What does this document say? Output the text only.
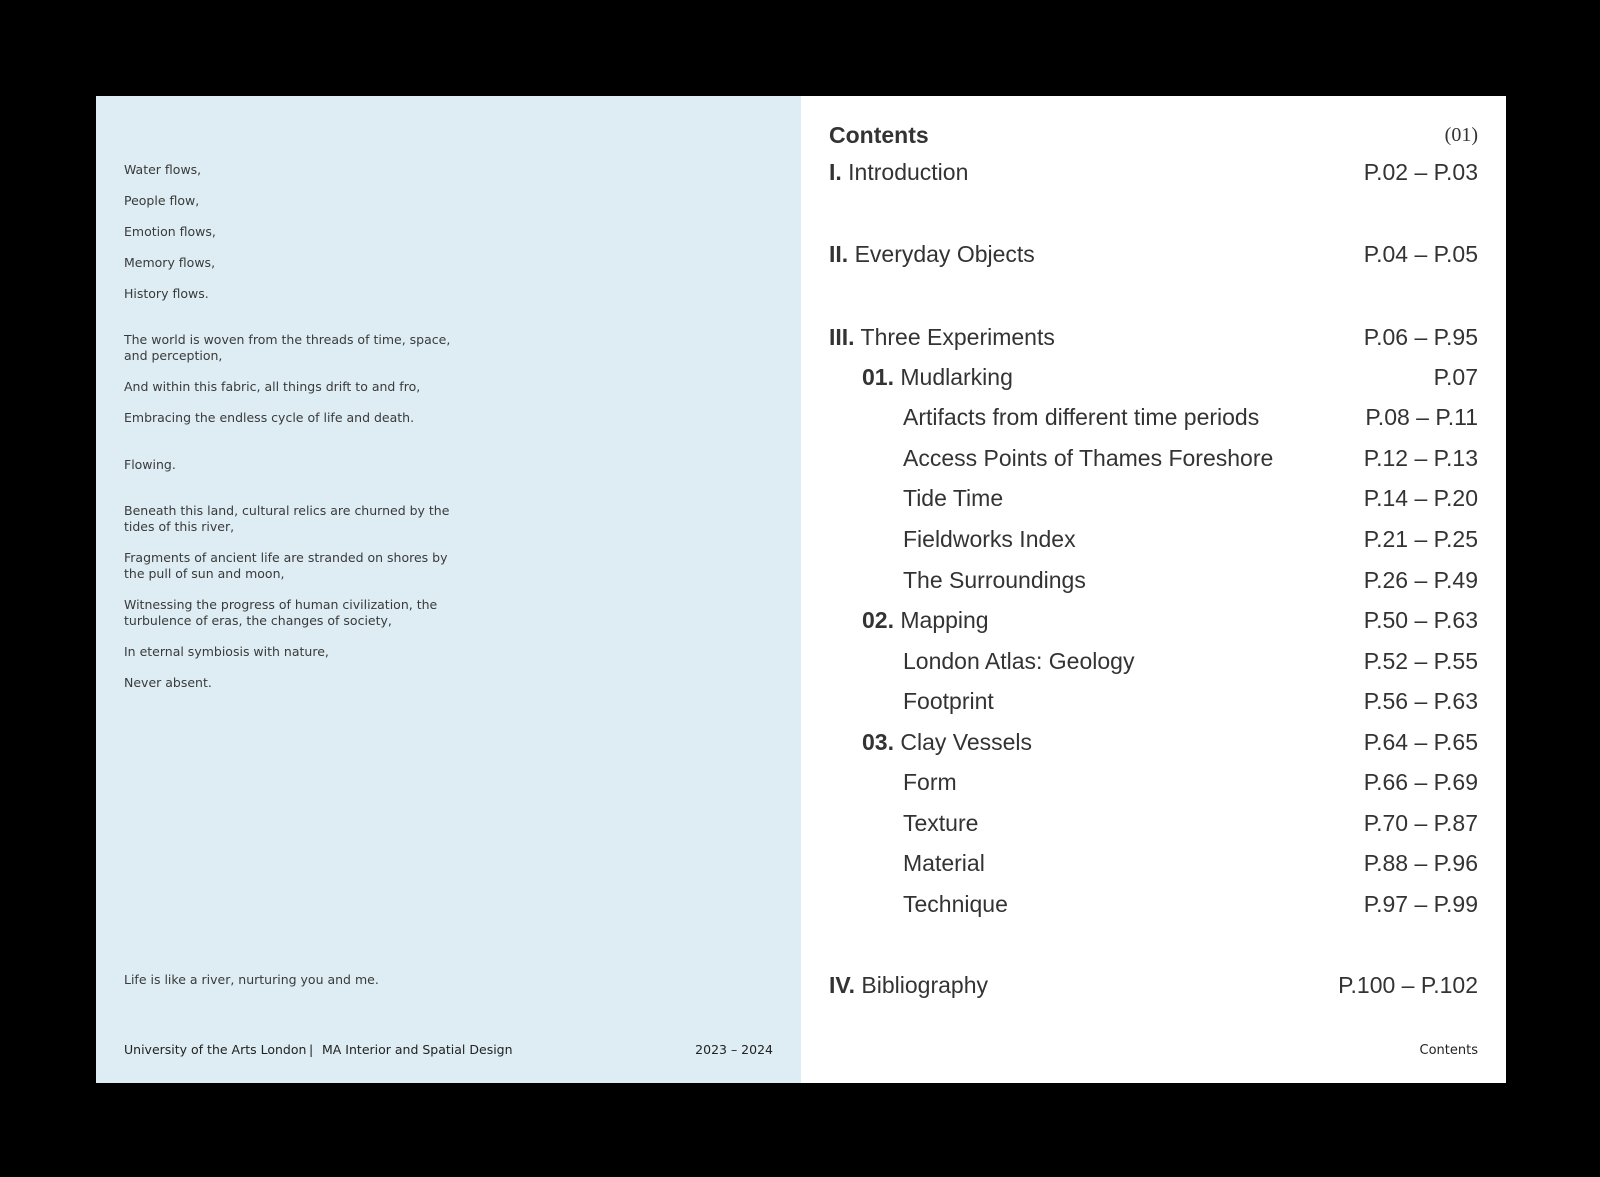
Water flows,
People flow,
Emotion flows,
Memory flows,
History flows.
The world is woven from the threads of time, space, and perception,
And within this fabric, all things drift to and fro,
Embracing the endless cycle of life and death.
Flowing.
Beneath this land, cultural relics are churned by the tides of this river,
Fragments of ancient life are stranded on shores by the pull of sun and moon,
Witnessing the progress of human civilization, the turbulence of eras, the changes of society,
In eternal symbiosis with nature,
Never absent.
Life is like a river, nurturing you and me.
University of the Arts London | MA Interior and Spatial Design	2023 – 2024
Contents	(01)
I. Introduction	P.02 – P.03
II. Everyday Objects	P.04 – P.05
III. Three Experiments	P.06 – P.95
01. Mudlarking	P.07
Artifacts from different time periods	P.08 – P.11
Access Points of Thames Foreshore	P.12 – P.13
Tide Time	P.14 – P.20
Fieldworks Index	P.21 – P.25
The Surroundings	P.26 – P.49
02. Mapping	P.50 – P.63
London Atlas: Geology	P.52 – P.55
Footprint	P.56 – P.63
03. Clay Vessels	P.64 – P.65
Form	P.66 – P.69
Texture	P.70 – P.87
Material	P.88 – P.96
Technique	P.97 – P.99
IV. Bibliography	P.100 – P.102
Contents
